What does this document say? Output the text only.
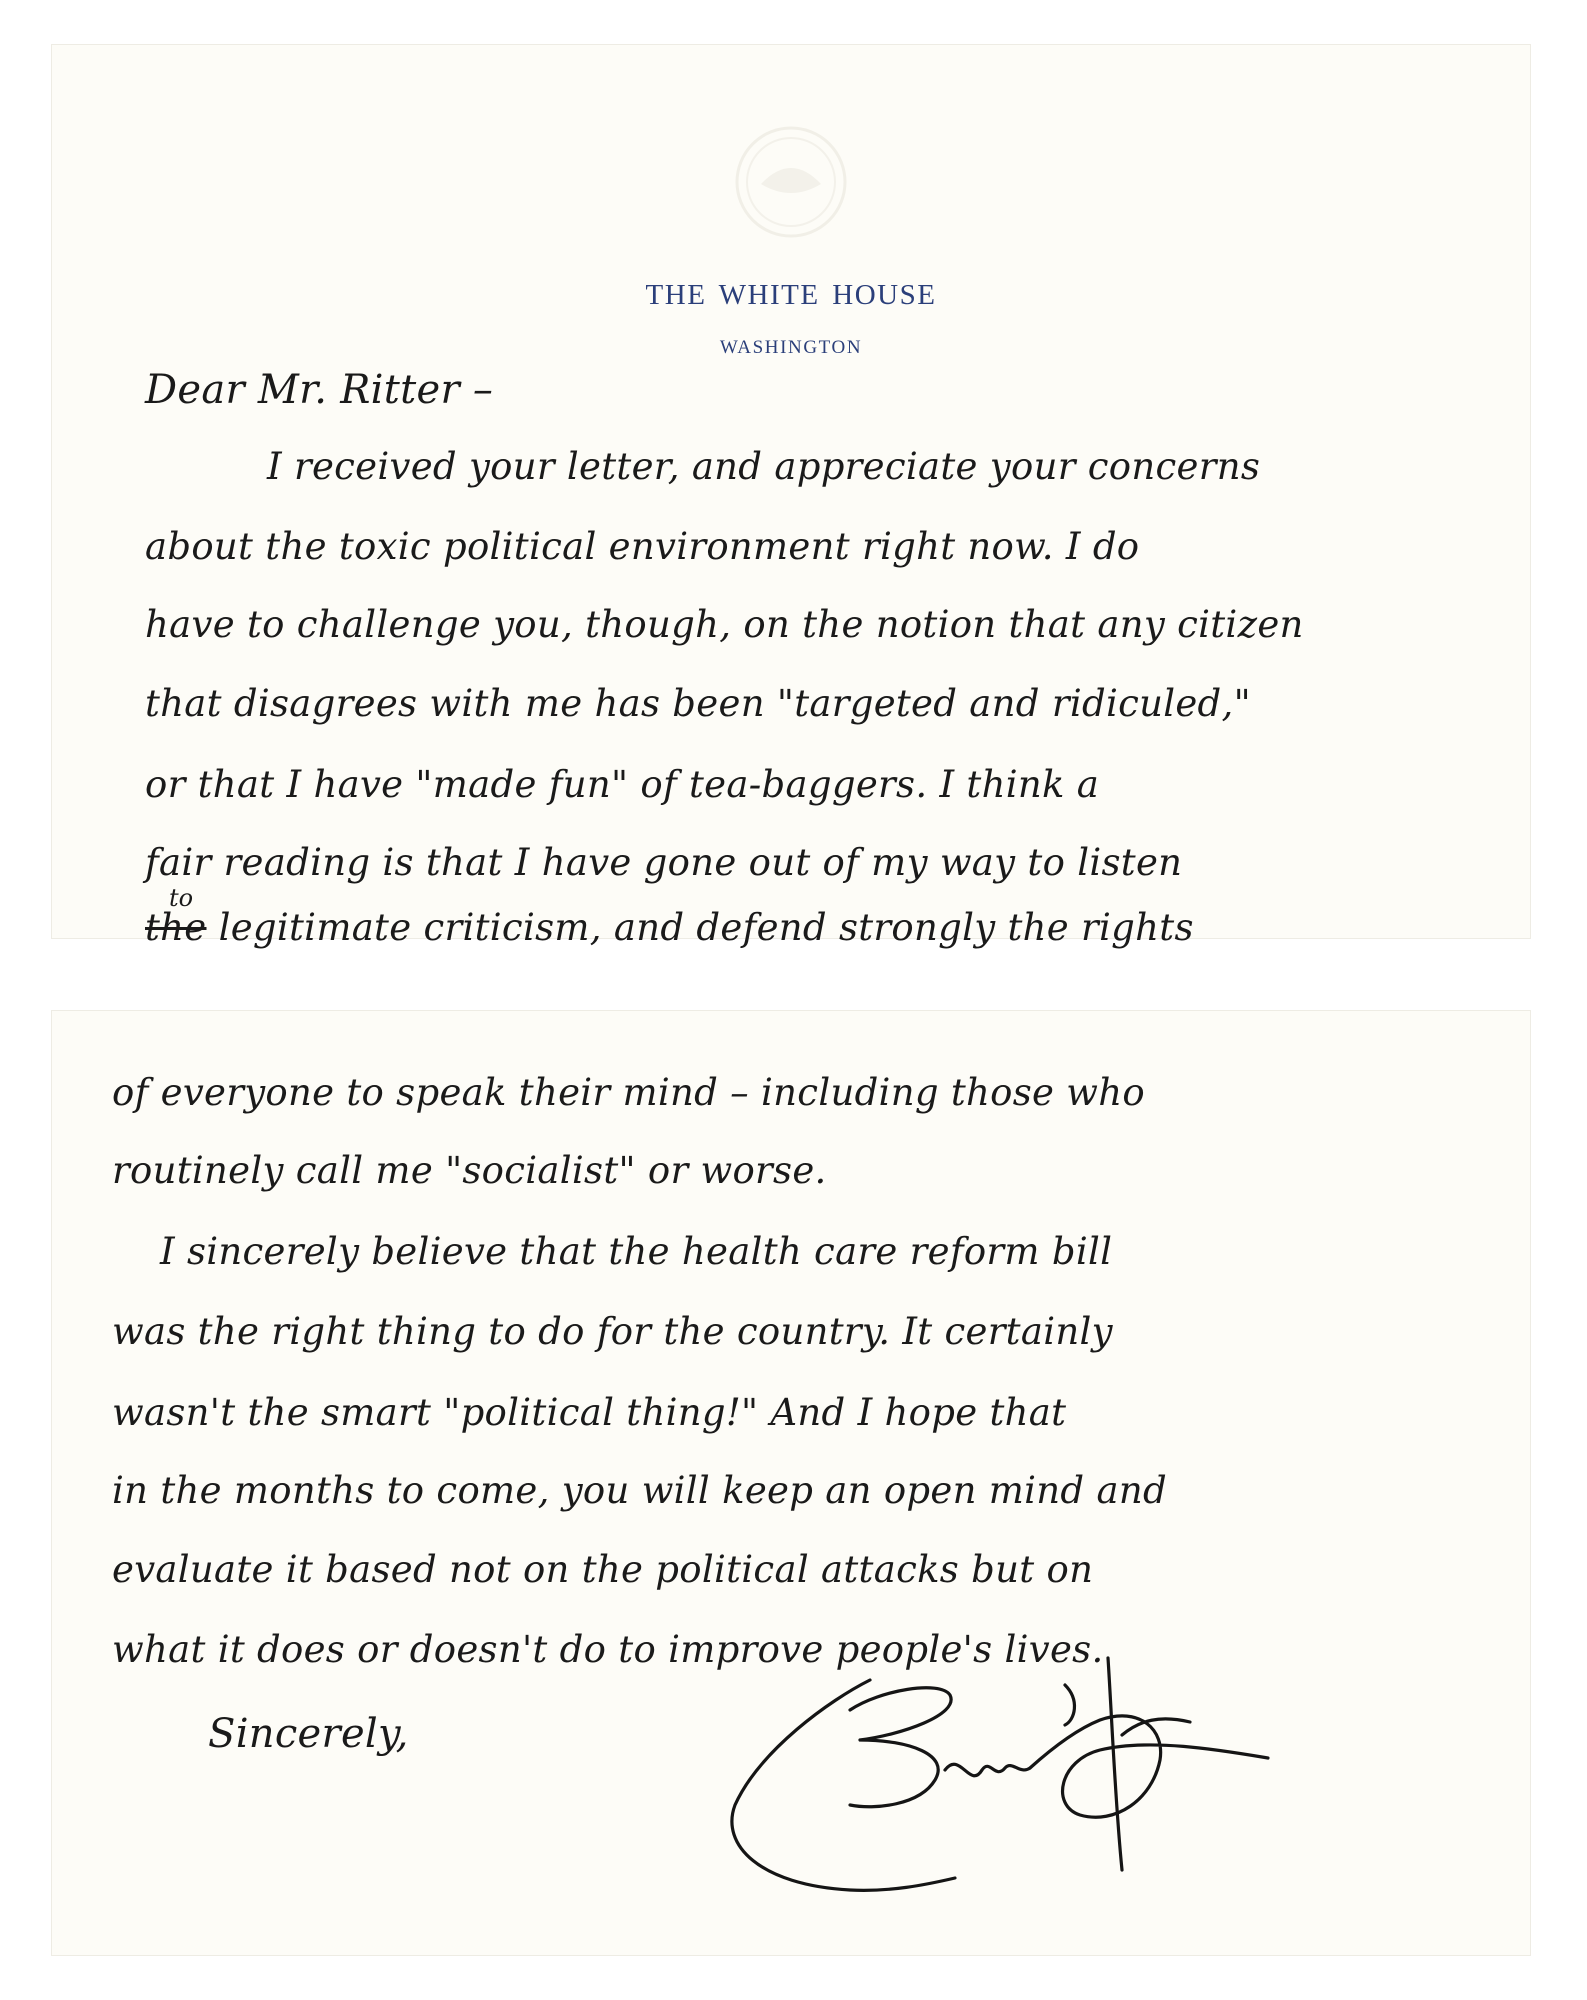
THE WHITE HOUSE
WASHINGTON
Dear Mr. Ritter –
I received your letter, and appreciate your concerns
about the toxic political environment right now. I do
have to challenge you, though, on the notion that any citizen
that disagrees with me has been "targeted and ridiculed,"
or that I have "made fun" of tea-baggers. I think a
fair reading is that I have gone out of my way to listen
to
the legitimate criticism, and defend strongly the rights
of everyone to speak their mind – including those who
routinely call me "socialist" or worse.
I sincerely believe that the health care reform bill
was the right thing to do for the country. It certainly
wasn't the smart "political thing!" And I hope that
in the months to come, you will keep an open mind and
evaluate it based not on the political attacks but on
what it does or doesn't do to improve people's lives.
Sincerely,
